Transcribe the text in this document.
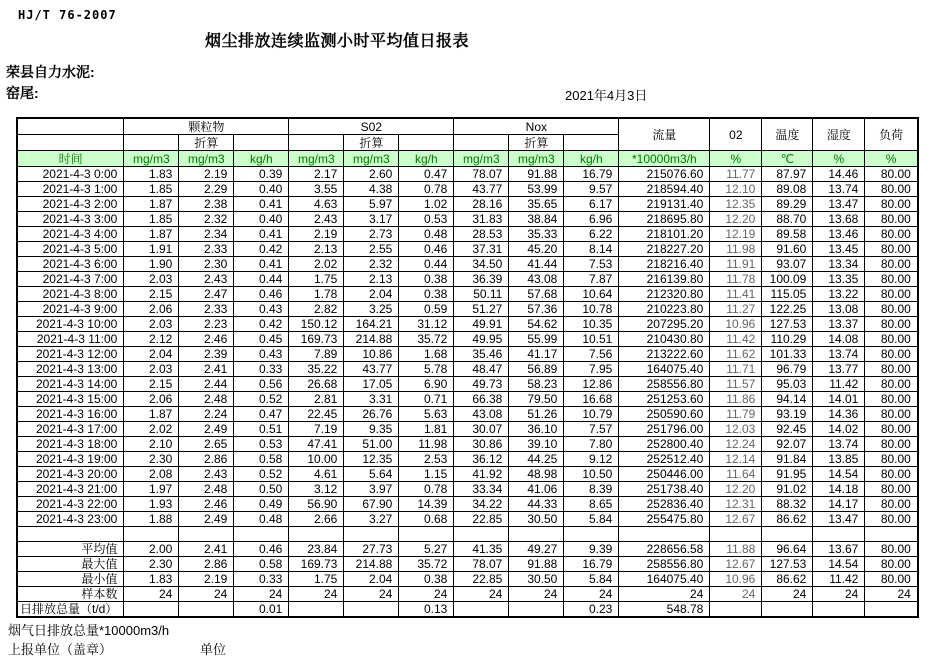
HJ/T 76-2007
烟尘排放连续监测小时平均值日报表
荣县自力水泥:
窑尾:	2021年4月3日
	颗粒物			S02			Nox			流量	02	温度	湿度	负荷
		折算			折算			折算						
时间	mg/m3	mg/m3	kg/h	mg/m3	mg/m3	kg/h	mg/m3	mg/m3	kg/h	*10000m3/h	%	℃	%	%
2021-4-3 0:00	1.83	2.19	0.39	2.17	2.60	0.47	78.07	91.88	16.79	215076.60	11.77	87.97	14.46	80.00
2021-4-3 1:00	1.85	2.29	0.40	3.55	4.38	0.78	43.77	53.99	9.57	218594.40	12.10	89.08	13.74	80.00
2021-4-3 2:00	1.87	2.38	0.41	4.63	5.97	1.02	28.16	35.65	6.17	219131.40	12.35	89.29	13.47	80.00
2021-4-3 3:00	1.85	2.32	0.40	2.43	3.17	0.53	31.83	38.84	6.96	218695.80	12.20	88.70	13.68	80.00
2021-4-3 4:00	1.87	2.34	0.41	2.19	2.73	0.48	28.53	35.33	6.22	218101.20	12.19	89.58	13.46	80.00
2021-4-3 5:00	1.91	2.33	0.42	2.13	2.55	0.46	37.31	45.20	8.14	218227.20	11.98	91.60	13.45	80.00
2021-4-3 6:00	1.90	2.30	0.41	2.02	2.32	0.44	34.50	41.44	7.53	218216.40	11.91	93.07	13.34	80.00
2021-4-3 7:00	2.03	2.43	0.44	1.75	2.13	0.38	36.39	43.08	7.87	216139.80	11.78	100.09	13.35	80.00
2021-4-3 8:00	2.15	2.47	0.46	1.78	2.04	0.38	50.11	57.68	10.64	212320.80	11.41	115.05	13.22	80.00
2021-4-3 9:00	2.06	2.33	0.43	2.82	3.25	0.59	51.27	57.36	10.78	210223.80	11.27	122.25	13.08	80.00
2021-4-3 10:00	2.03	2.23	0.42	150.12	164.21	31.12	49.91	54.62	10.35	207295.20	10.96	127.53	13.37	80.00
2021-4-3 11:00	2.12	2.46	0.45	169.73	214.88	35.72	49.95	55.99	10.51	210430.80	11.42	110.29	14.08	80.00
2021-4-3 12:00	2.04	2.39	0.43	7.89	10.86	1.68	35.46	41.17	7.56	213222.60	11.62	101.33	13.74	80.00
2021-4-3 13:00	2.03	2.41	0.33	35.22	43.77	5.78	48.47	56.89	7.95	164075.40	11.71	96.79	13.77	80.00
2021-4-3 14:00	2.15	2.44	0.56	26.68	17.05	6.90	49.73	58.23	12.86	258556.80	11.57	95.03	11.42	80.00
2021-4-3 15:00	2.06	2.48	0.52	2.81	3.31	0.71	66.38	79.50	16.68	251253.60	11.86	94.14	14.01	80.00
2021-4-3 16:00	1.87	2.24	0.47	22.45	26.76	5.63	43.08	51.26	10.79	250590.60	11.79	93.19	14.36	80.00
2021-4-3 17:00	2.02	2.49	0.51	7.19	9.35	1.81	30.07	36.10	7.57	251796.00	12.03	92.45	14.02	80.00
2021-4-3 18:00	2.10	2.65	0.53	47.41	51.00	11.98	30.86	39.10	7.80	252800.40	12.24	92.07	13.74	80.00
2021-4-3 19:00	2.30	2.86	0.58	10.00	12.35	2.53	36.12	44.25	9.12	252512.40	12.14	91.84	13.85	80.00
2021-4-3 20:00	2.08	2.43	0.52	4.61	5.64	1.15	41.92	48.98	10.50	250446.00	11.64	91.95	14.54	80.00
2021-4-3 21:00	1.97	2.48	0.50	3.12	3.97	0.78	33.34	41.06	8.39	251738.40	12.20	91.02	14.18	80.00
2021-4-3 22:00	1.93	2.46	0.49	56.90	67.90	14.39	34.22	44.33	8.65	252836.40	12.31	88.32	14.17	80.00
2021-4-3 23:00	1.88	2.49	0.48	2.66	3.27	0.68	22.85	30.50	5.84	255475.80	12.67	86.62	13.47	80.00

平均值	2.00	2.41	0.46	23.84	27.73	5.27	41.35	49.27	9.39	228656.58	11.88	96.64	13.67	80.00
最大值	2.30	2.86	0.58	169.73	214.88	35.72	78.07	91.88	16.79	258556.80	12.67	127.53	14.54	80.00
最小值	1.83	2.19	0.33	1.75	2.04	0.38	22.85	30.50	5.84	164075.40	10.96	86.62	11.42	80.00
样本数	24	24	24	24	24	24	24	24	24	24	24	24	24	24
日排放总量（t/d）			0.01			0.13			0.23	548.78				
烟气日排放总量*10000m3/h
上报单位（盖章）	单位
